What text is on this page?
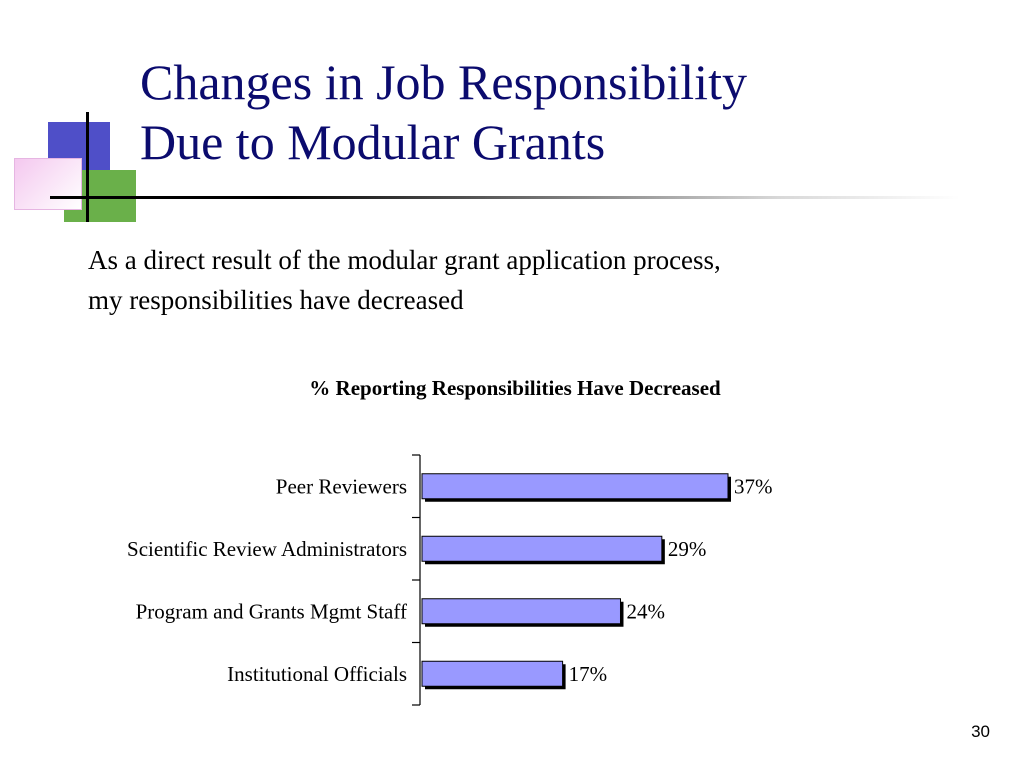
Changes in Job Responsibility
Due to Modular Grants
As a direct result of the modular grant application process,
my responsibilities have decreased
% Reporting Responsibilities Have Decreased
Peer Reviewers	37%
Scientific Review Administrators	29%
Program and Grants Mgmt Staff	24%
Institutional Officials	17%
30
